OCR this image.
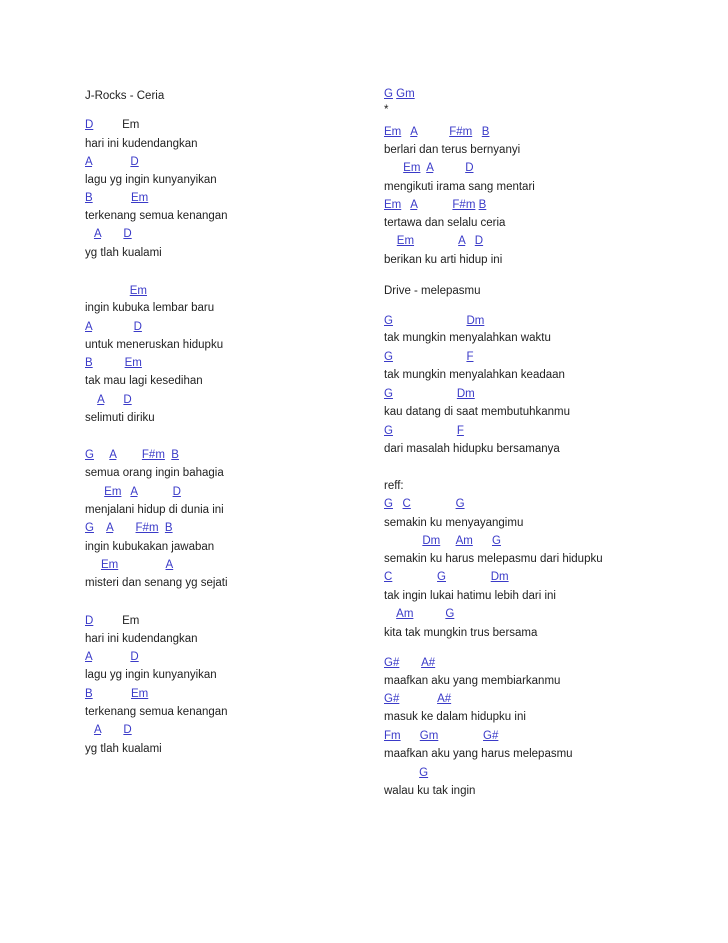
J-Rocks - Ceria
D         Em
hari ini kudendangkan
A	D
lagu yg ingin kunyanyikan
B	Em
terkenang semua kenangan
A D
yg tlah kualami
Em
ingin kubuka lembar baru
A	D
untuk meneruskan hidupku
B	Em
tak mau lagi kesedihan
A D
selimuti diriku
G A F#m B
semua orang ingin bahagia
Em A	D
menjalani hidup di dunia ini
G A F#m B
ingin kubukakan jawaban
Em	A
misteri dan senang yg sejati
D         Em
hari ini kudendangkan
A	D
lagu yg ingin kunyanyikan
B	Em
terkenang semua kenangan
A D
yg tlah kualami
G Gm
*
Em A	F#m B
berlari dan terus bernyanyi
Em A	D
mengikuti irama sang mentari
Em A	F#m B
tertawa dan selalu ceria
Em	A D
berikan ku arti hidup ini
Drive - melepasmu
G	Dm
tak mungkin menyalahkan waktu
G	F
tak mungkin menyalahkan keadaan
G	Dm
kau datang di saat membutuhkanmu
G	F
dari masalah hidupku bersamanya
reff:
G C	G
semakin ku menyayangimu
Dm Am G
semakin ku harus melepasmu dari hidupku
C	G	Dm
tak ingin lukai hatimu lebih dari ini
Am	G
kita tak mungkin trus bersama
G# A#
maafkan aku yang membiarkanmu
G#	A#
masuk ke dalam hidupku ini
Fm Gm	G#
maafkan aku yang harus melepasmu
G
walau ku tak ingin
